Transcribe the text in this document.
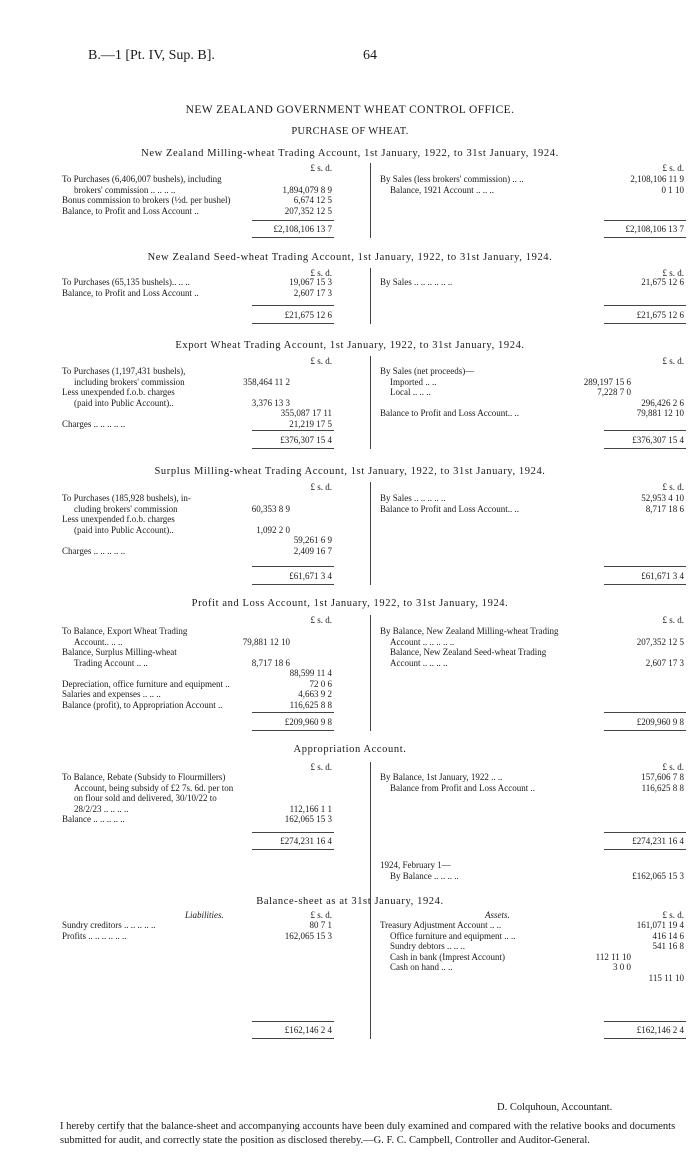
B.—1 [Pt. IV, Sup. B].	64
NEW ZEALAND GOVERNMENT WHEAT CONTROL OFFICE.
PURCHASE OF WHEAT.
New Zealand Milling-wheat Trading Account, 1st January, 1922, to 31st January, 1924.
£ s. d.	£ s. d.
To Purchases (6,406,007 bushels), including
brokers' commission .. .. .. ..	1,894,079 8 9
Bonus commission to brokers (½d. per bushel)	6,674 12 5
Balance, to Profit and Loss Account ..	207,352 12 5
By Sales (less brokers' commission) .. ..	2,108,106 11 9
Balance, 1921 Account .. .. ..	0 1 10
£2,108,106 13 7	£2,108,106 13 7
New Zealand Seed-wheat Trading Account, 1st January, 1922, to 31st January, 1924.
£ s. d.	£ s. d.
To Purchases (65,135 bushels).. .. ..	19,067 15 3
Balance, to Profit and Loss Account ..	2,607 17 3
By Sales .. .. .. .. .. ..	21,675 12 6
£21,675 12 6	£21,675 12 6
Export Wheat Trading Account, 1st January, 1922, to 31st January, 1924.
£ s. d.	£ s. d.
To Purchases (1,197,431 bushels),
including brokers' commission	358,464 11 2
Less unexpended f.o.b. charges
(paid into Public Account)..	3,376 13 3
355,087 17 11
Charges .. .. .. .. ..	21,219 17 5
By Sales (net proceeds)—
Imported .. ..	289,197 15 6
Local .. .. ..	7,228 7 0
296,426 2 6
Balance to Profit and Loss Account.. ..	79,881 12 10
£376,307 15 4	£376,307 15 4
Surplus Milling-wheat Trading Account, 1st January, 1922, to 31st January, 1924.
£ s. d.	£ s. d.
To Purchases (185,928 bushels), in-
cluding brokers' commission	60,353 8 9
Less unexpended f.o.b. charges
(paid into Public Account)..	1,092 2 0
59,261 6 9
Charges .. .. .. .. ..	2,409 16 7
By Sales .. .. .. .. ..	52,953 4 10
Balance to Profit and Loss Account.. ..	8,717 18 6
£61,671 3 4	£61,671 3 4
Profit and Loss Account, 1st January, 1922, to 31st January, 1924.
£ s. d.	£ s. d.
To Balance, Export Wheat Trading
Account.. .. ..	79,881 12 10
Balance, Surplus Milling-wheat
Trading Account .. ..	8,717 18 6
88,599 11 4
Depreciation, office furniture and equipment ..	72 0 6
Salaries and expenses .. .. ..	4,663 9 2
Balance (profit), to Appropriation Account ..	116,625 8 8
By Balance, New Zealand Milling-wheat Trading
Account .. .. .. .. ..	207,352 12 5
Balance, New Zealand Seed-wheat Trading
Account .. .. .. ..	2,607 17 3
£209,960 9 8	£209,960 9 8
Appropriation Account.
£ s. d.	£ s. d.
To Balance, Rebate (Subsidy to Flourmillers)
Account, being subsidy of £2 7s. 6d. per ton
on flour sold and delivered, 30/10/22 to
28/2/23 .. .. .. ..	112,166 1 1
Balance .. .. .. .. ..	162,065 15 3
By Balance, 1st January, 1922 .. ..	157,606 7 8
Balance from Profit and Loss Account ..	116,625 8 8
£274,231 16 4	£274,231 16 4
1924, February 1—
By Balance .. .. .. ..	£162,065 15 3
Balance-sheet as at 31st January, 1924.
£ s. d.	£ s. d.
Liabilities.	Assets.
Sundry creditors .. .. .. .. ..	80 7 1
Profits .. .. .. .. .. ..	162,065 15 3
Treasury Adjustment Account .. ..	161,071 19 4
Office furniture and equipment .. ..	416 14 6
Sundry debtors .. .. ..	541 16 8
Cash in bank (Imprest Account)	112 11 10
Cash on hand .. ..	3 0 0
115 11 10
£162,146 2 4	£162,146 2 4
D. Colquhoun, Accountant.
I hereby certify that the balance-sheet and accompanying accounts have been duly examined and compared with the relative books and documents submitted for audit, and correctly state the position as disclosed thereby.—G. F. C. Campbell, Controller and Auditor-General.
